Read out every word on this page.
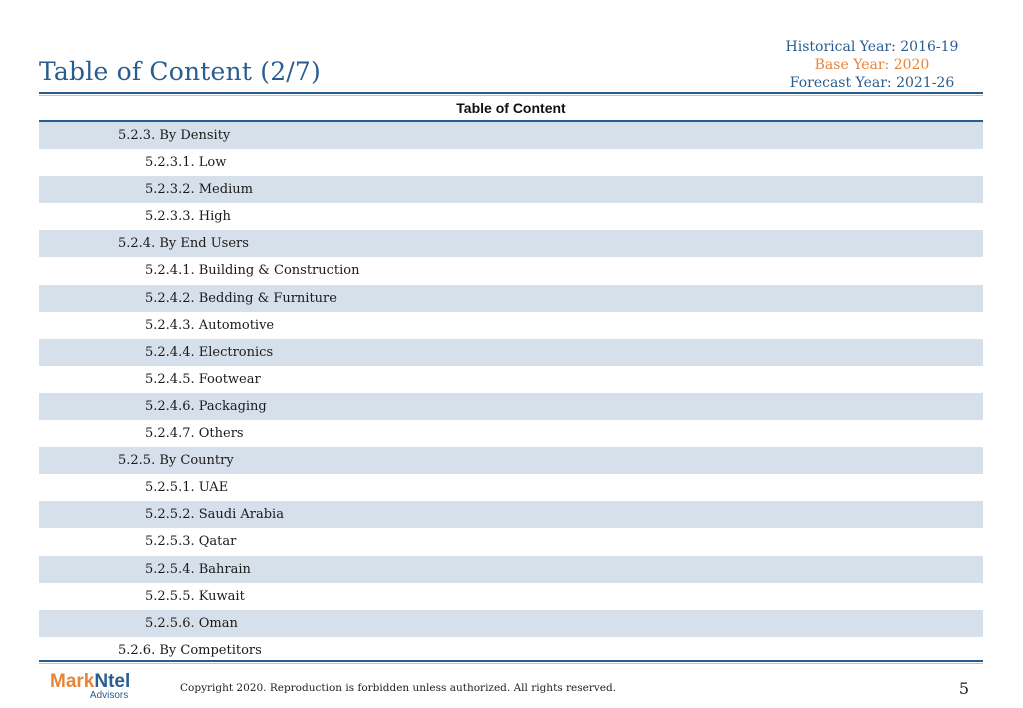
Table of Content (2/7)
Historical Year: 2016-19
Base Year: 2020
Forecast Year: 2021-26
Table of Content
5.2.3. By Density
5.2.3.1. Low
5.2.3.2. Medium
5.2.3.3. High
5.2.4. By End Users
5.2.4.1. Building & Construction
5.2.4.2. Bedding & Furniture
5.2.4.3. Automotive
5.2.4.4. Electronics
5.2.4.5. Footwear
5.2.4.6. Packaging
5.2.4.7. Others
5.2.5. By Country
5.2.5.1. UAE
5.2.5.2. Saudi Arabia
5.2.5.3. Qatar
5.2.5.4. Bahrain
5.2.5.5. Kuwait
5.2.5.6. Oman
5.2.6. By Competitors
MarkNtel
Advisors
Copyright 2020. Reproduction is forbidden unless authorized. All rights reserved.	5
